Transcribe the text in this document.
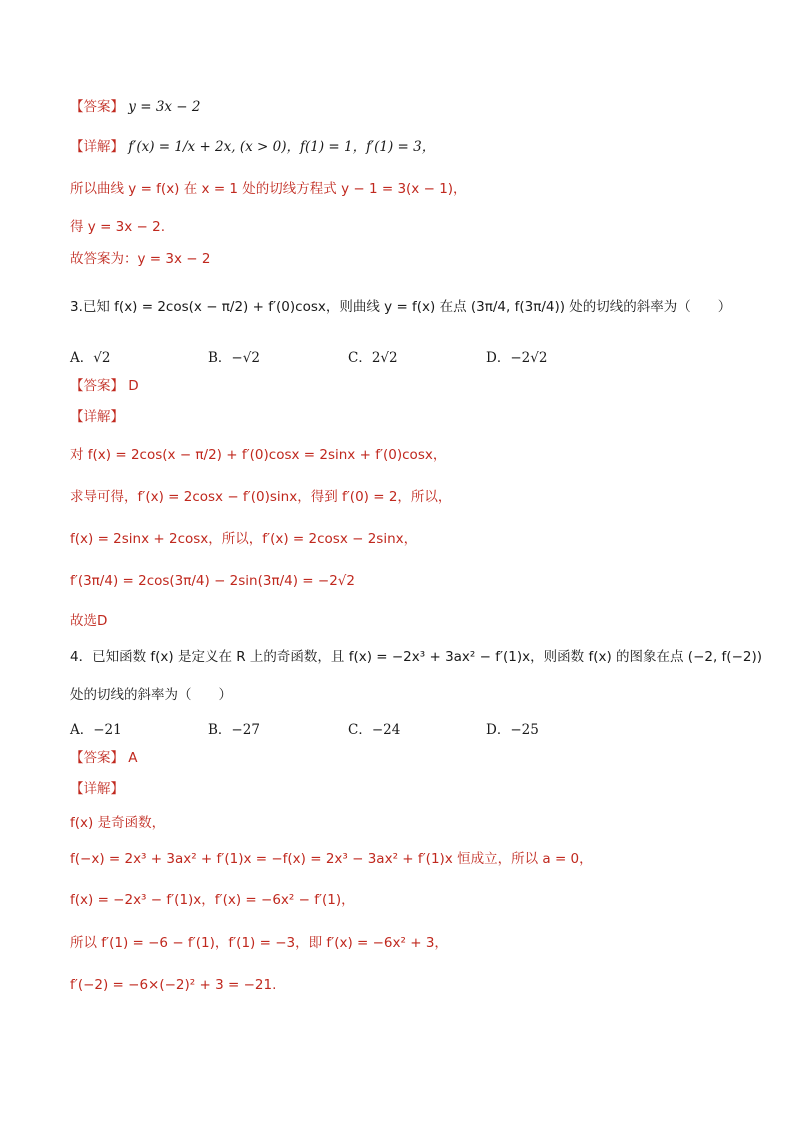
【答案】 y = 3x − 2
【详解】 f′(x) = 1/x + 2x, (x > 0)，f(1) = 1，f′(1) = 3，
所以曲线 y = f(x) 在 x = 1 处的切线方程式 y − 1 = 3(x − 1)，
得 y = 3x − 2.
故答案为：y = 3x − 2
3.已知 f(x) = 2cos(x − π/2) + f′(0)cosx，则曲线 y = f(x) 在点 (3π/4, f(3π/4)) 处的切线的斜率为（　　）
A．√2	B．−√2	C．2√2	D．−2√2
【答案】 D
【详解】
对 f(x) = 2cos(x − π/2) + f′(0)cosx = 2sinx + f′(0)cosx，
求导可得，f′(x) = 2cosx − f′(0)sinx，得到 f′(0) = 2，所以，
f(x) = 2sinx + 2cosx，所以，f′(x) = 2cosx − 2sinx，
f′(3π/4) = 2cos(3π/4) − 2sin(3π/4) = −2√2
故选D
4．已知函数 f(x) 是定义在 R 上的奇函数，且 f(x) = −2x³ + 3ax² − f′(1)x，则函数 f(x) 的图象在点 (−2, f(−2))
处的切线的斜率为（　　）
A．−21	B．−27	C．−24	D．−25
【答案】 A
【详解】
f(x) 是奇函数，
f(−x) = 2x³ + 3ax² + f′(1)x = −f(x) = 2x³ − 3ax² + f′(1)x 恒成立，所以 a = 0，
f(x) = −2x³ − f′(1)x，f′(x) = −6x² − f′(1)，
所以 f′(1) = −6 − f′(1)，f′(1) = −3，即 f′(x) = −6x² + 3，
f′(−2) = −6×(−2)² + 3 = −21.
